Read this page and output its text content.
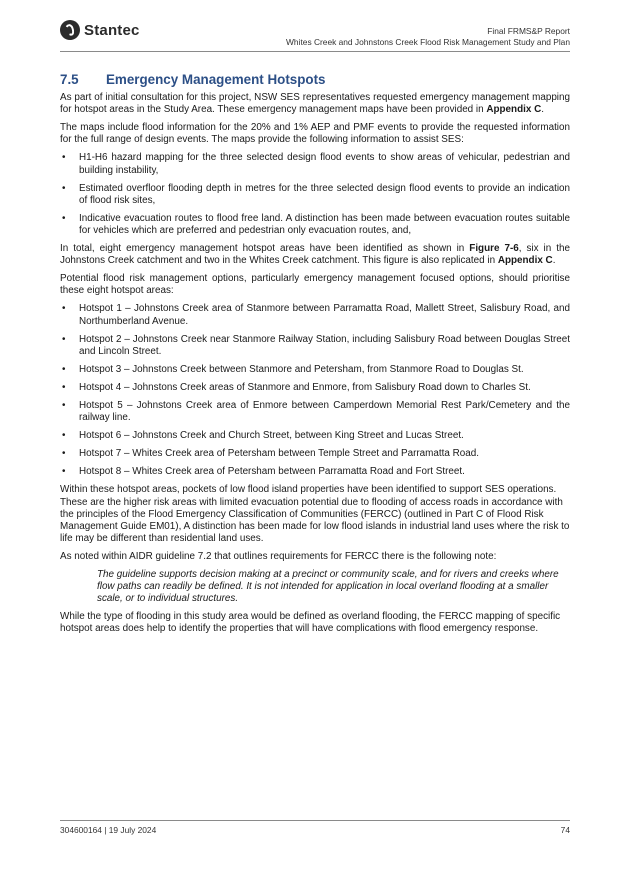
Stantec	Final FRMS&P Report
Whites Creek and Johnstons Creek Flood Risk Management Study and Plan
7.5	Emergency Management Hotspots

As part of initial consultation for this project, NSW SES representatives requested emergency management mapping for hotspot areas in the Study Area. These emergency management maps have been provided in Appendix C.

The maps include flood information for the 20% and 1% AEP and PMF events to provide the requested information for the full range of design events. The maps provide the following information to assist SES:

• H1-H6 hazard mapping for the three selected design flood events to show areas of vehicular, pedestrian and building instability,
• Estimated overfloor flooding depth in metres for the three selected design flood events to provide an indication of flood risk sites,
• Indicative evacuation routes to flood free land. A distinction has been made between evacuation routes suitable for vehicles which are preferred and pedestrian only evacuation routes, and,

In total, eight emergency management hotspot areas have been identified as shown in Figure 7-6, six in the Johnstons Creek catchment and two in the Whites Creek catchment. This figure is also replicated in Appendix C.

Potential flood risk management options, particularly emergency management focused options, should prioritise these eight hotspot areas:

• Hotspot 1 – Johnstons Creek area of Stanmore between Parramatta Road, Mallett Street, Salisbury Road, and Northumberland Avenue.
• Hotspot 2 – Johnstons Creek near Stanmore Railway Station, including Salisbury Road between Douglas Street and Lincoln Street.
• Hotspot 3 – Johnstons Creek between Stanmore and Petersham, from Stanmore Road to Douglas St.
• Hotspot 4 – Johnstons Creek areas of Stanmore and Enmore, from Salisbury Road down to Charles St.
• Hotspot 5 – Johnstons Creek area of Enmore between Camperdown Memorial Rest Park/Cemetery and the railway line.
• Hotspot 6 – Johnstons Creek and Church Street, between King Street and Lucas Street.
• Hotspot 7 – Whites Creek area of Petersham between Temple Street and Parramatta Road.
• Hotspot 8 – Whites Creek area of Petersham between Parramatta Road and Fort Street.

Within these hotspot areas, pockets of low flood island properties have been identified to support SES operations. These are the higher risk areas with limited evacuation potential due to flooding of access roads in accordance with the principles of the Flood Emergency Classification of Communities (FERCC) (outlined in Part C of Flood Risk Management Guide EM01), A distinction has been made for low flood islands in industrial land uses where the risk to life may be different than residential land uses.

As noted within AIDR guideline 7.2 that outlines requirements for FERCC there is the following note:

The guideline supports decision making at a precinct or community scale, and for rivers and creeks where flow paths can readily be defined. It is not intended for application in local overland flooding at a smaller scale, or to individual structures.

While the type of flooding in this study area would be defined as overland flooding, the FERCC mapping of specific hotspot areas does help to identify the properties that will have complications with flood emergency response.

304600164 | 19 July 2024	74
